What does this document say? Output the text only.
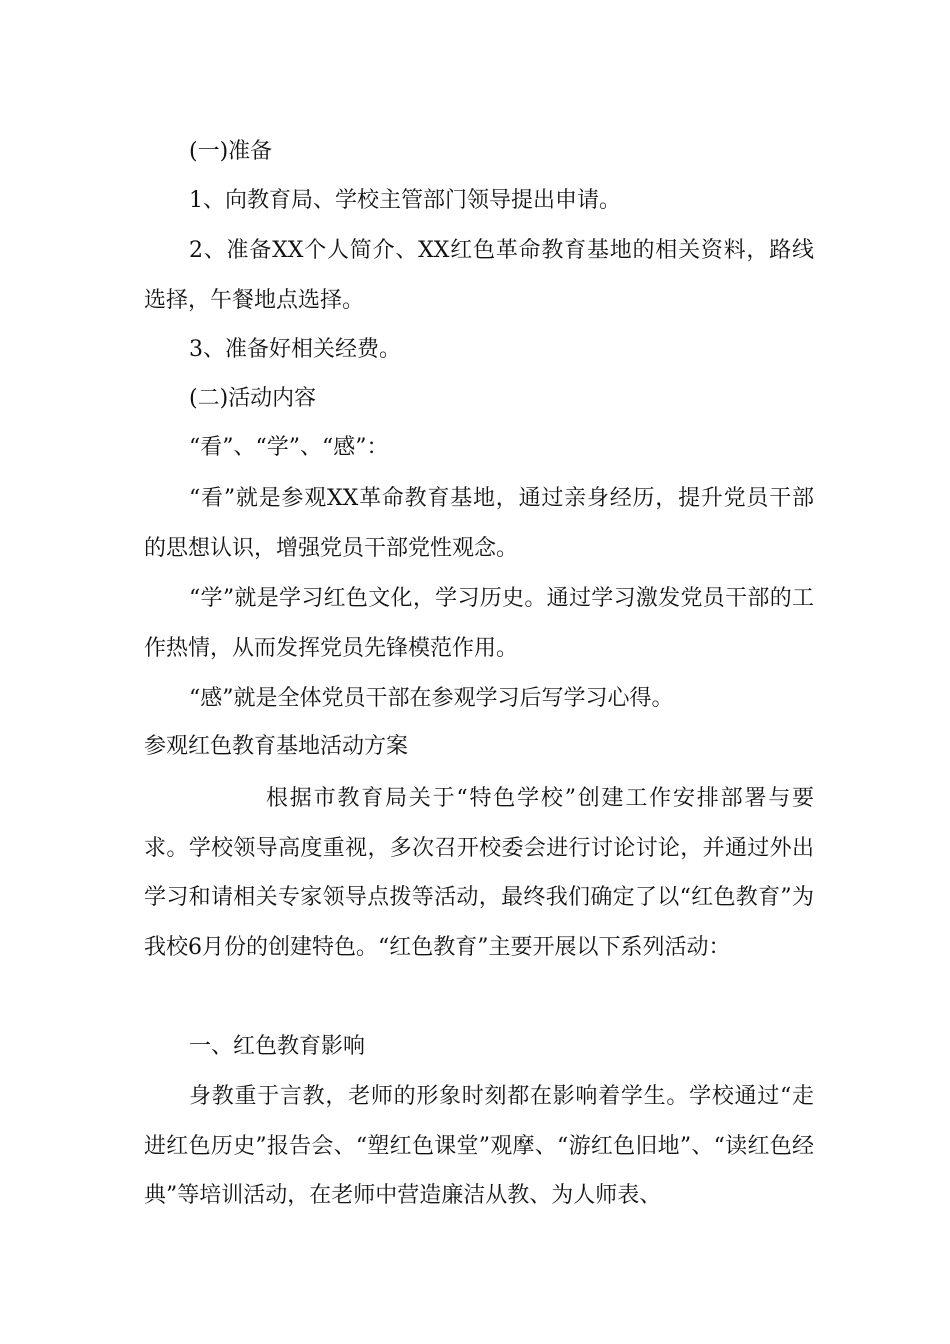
(一)准备

1、向教育局、学校主管部门领导提出申请。

2、准备XX个人简介、XX红色革命教育基地的相关资料，路线选择，午餐地点选择。

3、准备好相关经费。

(二)活动内容

“看”、“学”、“感”：

“看”就是参观XX革命教育基地，通过亲身经历，提升党员干部的思想认识，增强党员干部党性观念。

“学”就是学习红色文化，学习历史。通过学习激发党员干部的工作热情，从而发挥党员先锋模范作用。

“感”就是全体党员干部在参观学习后写学习心得。

参观红色教育基地活动方案

根据市教育局关于“特色学校”创建工作安排部署与要求。学校领导高度重视，多次召开校委会进行讨论讨论，并通过外出学习和请相关专家领导点拨等活动，最终我们确定了以“红色教育”为我校6月份的创建特色。“红色教育”主要开展以下系列活动：

一、红色教育影响

身教重于言教，老师的形象时刻都在影响着学生。学校通过“走进红色历史”报告会、“塑红色课堂”观摩、“游红色旧地”、“读红色经典”等培训活动，在老师中营造廉洁从教、为人师表、
